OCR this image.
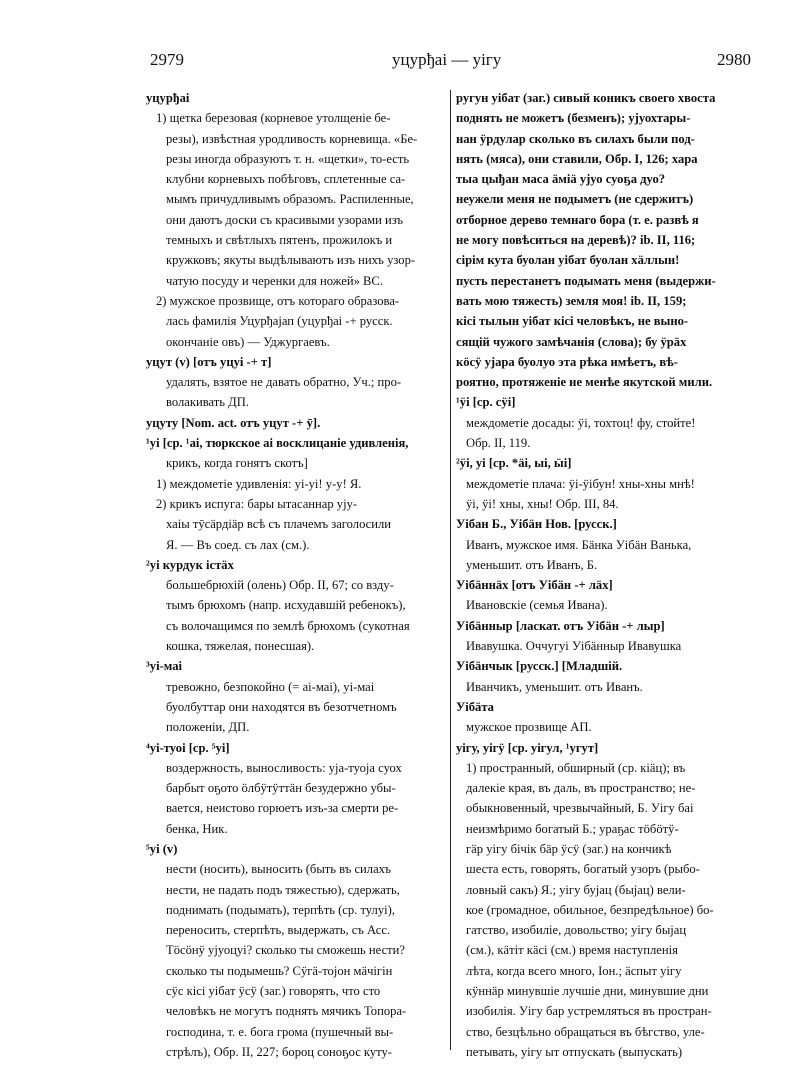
2979	уцурђаі — уігу	2980
уцурђаі
1) щетка березовая (корневое утолщеніе бе-
резы), извѣстная уродливость корневища. «Бе-
резы иногда образуютъ т. н. «щетки», то-есть
клубни корневыхъ побѣговъ, сплетенные са-
мымъ причудливымъ образомъ. Распиленные,
они даютъ доски съ красивыми узорами изъ
темныхъ и свѣтлыхъ пятенъ, прожилокъ и
кружковъ; якуты выдѣлываютъ изъ нихъ узор-
чатую посуду и черенки для ножей» ВС.
2) мужское прозвище, отъ котораго образова-
лась фамилія Уцурђајап (уцурђаі -+ русск.
окончаніе овъ) — Уджургаевъ.
уцут (v) [отъ уцуі -+ т]
удалять, взятое не давать обратно, Уч.; про-
волакивать ДП.
уцуту [Nom. act. отъ уцут -+ ӯ].
¹уі [ср. ¹аі, тюркское аі восклицаніе удивленія,
крикъ, когда гонятъ скотъ]
1) междометіе удивленія: уі-уі! у-у! Я.
2) крикъ испуга: бары ытасаннар ују-
хаіы тӯсӓрдіӓр всѣ съ плачемъ заголосили
Я. — Въ соед. съ лах (см.).
²уі курдук істӓх
большебрюхій (олень) Обр. II, 67; со взду-
тымъ брюхомъ (напр. исхудавшій ребенокъ),
съ волочащимся по землѣ брюхомъ (сукотная
кошка, тяжелая, понесшая).
³уі-маі
тревожно, безпокойно (= аі-маі), уі-маі
буолбуттар они находятся въ безотчетномъ
положеніи, ДП.
⁴уі-туоі [ср. ⁵уі]
воздержность, выносливость: уја-туоја суох
барбыт оҕото ӧлбӱтӱттӓн безудержно убы-
вается, неистово горюетъ изъ-за смерти ре-
бенка, Ник.
⁵уі (v)
нести (носить), выносить (быть въ силахъ
нести, не падать подъ тяжестью), сдержать,
поднимать (подымать), терпѣть (ср. тулуі),
переносить, стерпѣть, выдержать, съ Асс.
Тӧсӧнӱ ујуоцуі? сколько ты сможешь нести?
сколько ты подымешь? Сӱгӓ-тојон мӓчігін
сӱс кісі уібат ӱсӱ (заг.) говорять, что сто
человѣкъ не могутъ поднять мячикъ Топора-
господина, т. е. бога грома (пушечный вы-
стрѣлъ), Обр. II, 227; бороц соноҕос куту-
ругун уібат (заг.) сивый коникъ своего хвоста
поднять не можетъ (безменъ); ујуохтары-
нан ӱрдулар сколько въ силахъ были под-
нять (мяса), они ставили, Обр. I, 126; хара
тыа цыђан маса ӓміӓ ујуо суоҕа дуо?
неужели меня не подыметъ (не сдержитъ)
отборное дерево темнаго бора (т. е. развѣ я
не могу повѣситься на деревѣ)? ib. II, 116;
сірім кута буолан уібат буолан хӓллын!
пусть перестанетъ подымать меня (выдержи-
вать мою тяжесть) земля моя! ib. II, 159;
кісі тылын уібат кісі человѣкъ, не выно-
сящій чужого замѣчанія (слова); бу ӱрӓх
кӧсӱ ујара буолуо эта рѣка имѣетъ, вѣ-
роятно, протяженіе не менѣе якутской мили.
¹ӱі [ср. сӱі]
междометіе досады: ӱі, тохтоц! фу, стойте!
Обр. II, 119.
²ӱі, уі [ср. *ӓі, ыі, ӹі]
междометіе плача: ӱі-ӱібун! хны-хны мнѣ!
ӱі, ӱі! хны, хны! Обр. III, 84.
Уібан Б., Уібӓн Нов. [русск.]
Иванъ, мужское имя. Бӓнка Уібӓн Ванька,
уменьшит. отъ Иванъ, Б.
Уібӓннӓх [отъ Уібӓн -+ лӓх]
Ивановскіе (семья Ивана).
Уібӓнныр [ласкат. отъ Уібӓн -+ лыр]
Ивавушка. Оччугуі Уібӓнныр Ивавушка
Уібӓнчык [русск.] [Младшій.
Иванчикъ, уменьшит. отъ Иванъ.
Уібӓта
мужское прозвище АП.
уігу, уігӱ [ср. уігул, ¹угут]
1) пространный, обширный (ср. кіӓц); въ
далекіе края, въ даль, въ пространство; не-
обыкновенный, чрезвычайный, Б. Уігу баі
неизмѣримо богатый Б.; ураҕас тӧбӧтӱ-
гӓр уігу бічік бӓр ӱсӱ (заг.) на кончикѣ
шеста есть, говорять, богатый узоръ (рыбо-
ловный сакъ) Я.; уігу бујац (быјац) вели-
кое (громадное, обильное, безпредѣльное) бо-
гатство, изобиліе, довольство; уігу быјац
(см.), кӓтіт кӓсі (см.) время наступленія
лѣта, когда всего много, Іон.; ӓспыт уігу
кӱннӓр минувшіе лучшіе дни, минувшие дни
изобилія. Уігу бар устремляться въ простран-
ство, безцѣльно обращаться въ бѣгство, уле-
петывать, уігу ыт отпускать (выпускать)
